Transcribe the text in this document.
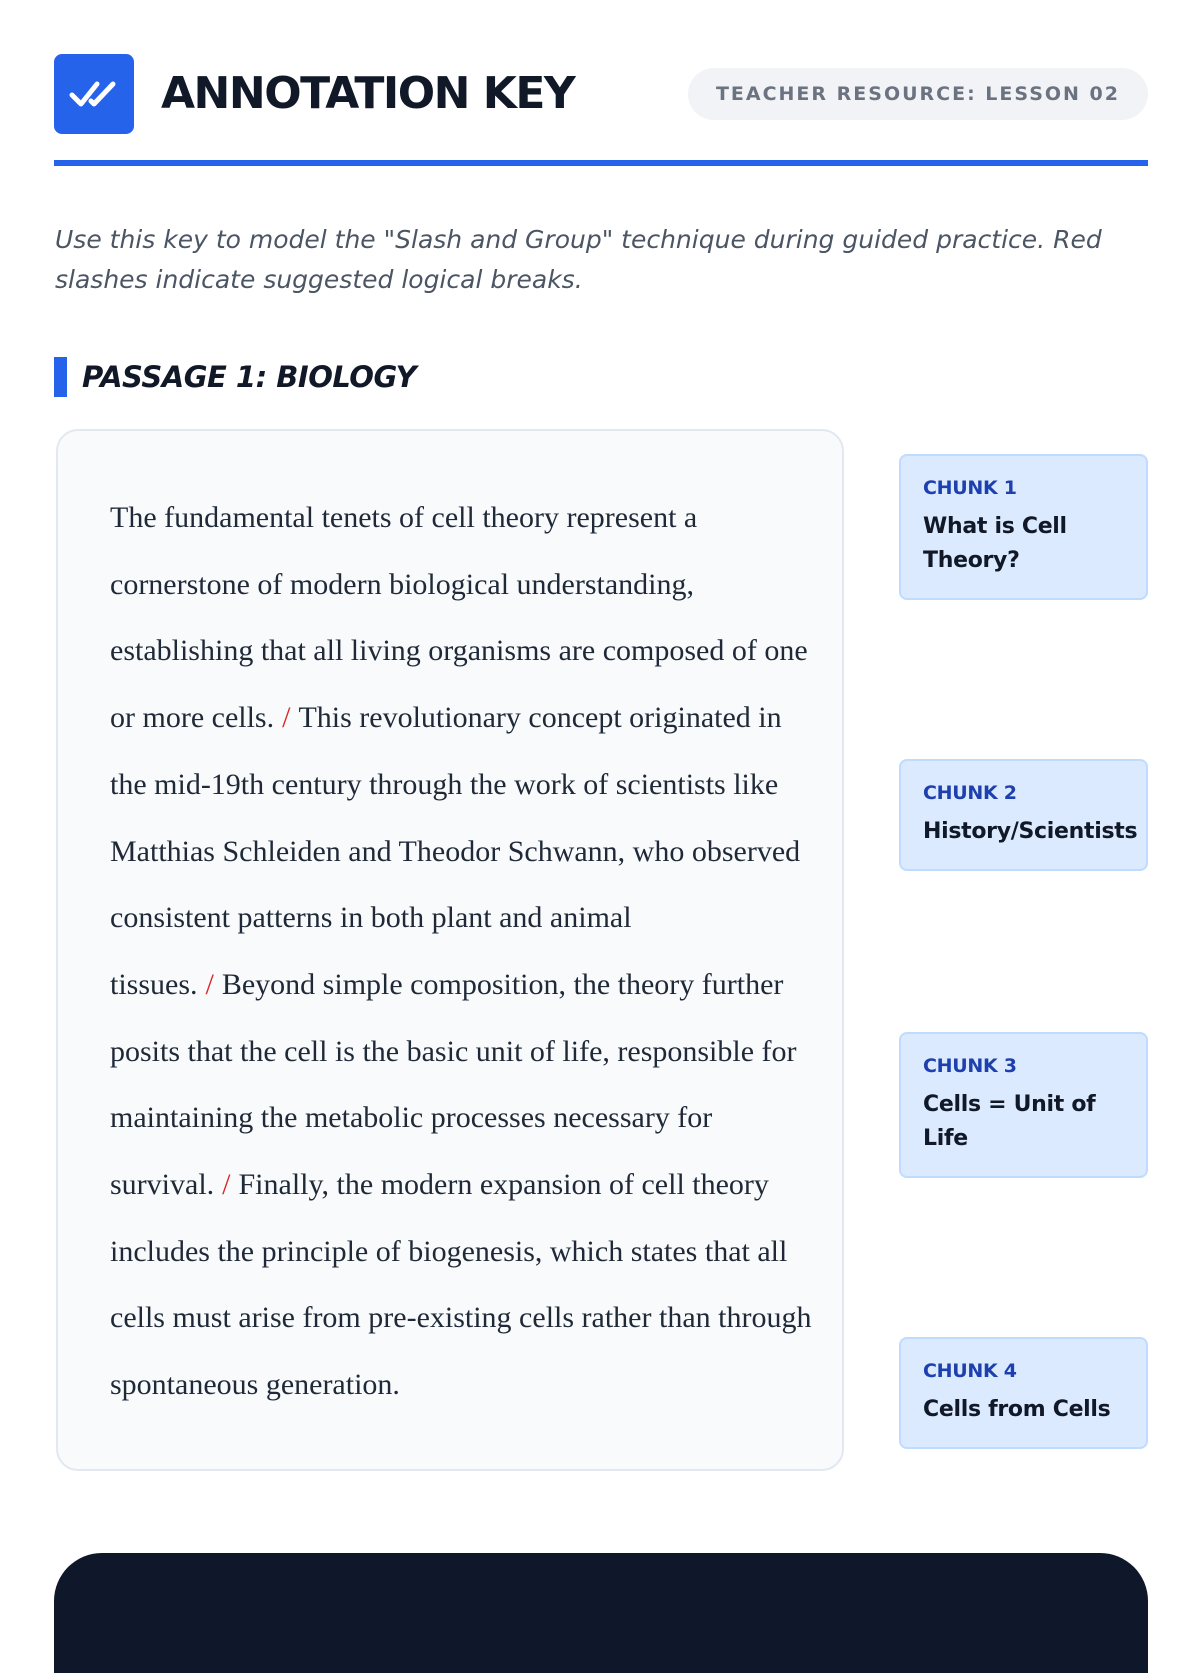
ANNOTATION KEY	TEACHER RESOURCE: LESSON 02

Use this key to model the "Slash and Group" technique during guided practice. Red slashes indicate suggested logical breaks.

PASSAGE 1: BIOLOGY
The fundamental tenets of cell theory represent a cornerstone of modern biological understanding, establishing that all living organisms are composed of one or more cells. / This revolutionary concept originated in the mid-19th century through the work of scientists like Matthias Schleiden and Theodor Schwann, who observed consistent patterns in both plant and animal tissues. / Beyond simple composition, the theory further posits that the cell is the basic unit of life, responsible for maintaining the metabolic processes necessary for survival. / Finally, the modern expansion of cell theory includes the principle of biogenesis, which states that all cells must arise from pre-existing cells rather than through spontaneous generation.
CHUNK 1
What is Cell Theory?
CHUNK 2
History/Scientists
CHUNK 3
Cells = Unit of Life
CHUNK 4
Cells from Cells
